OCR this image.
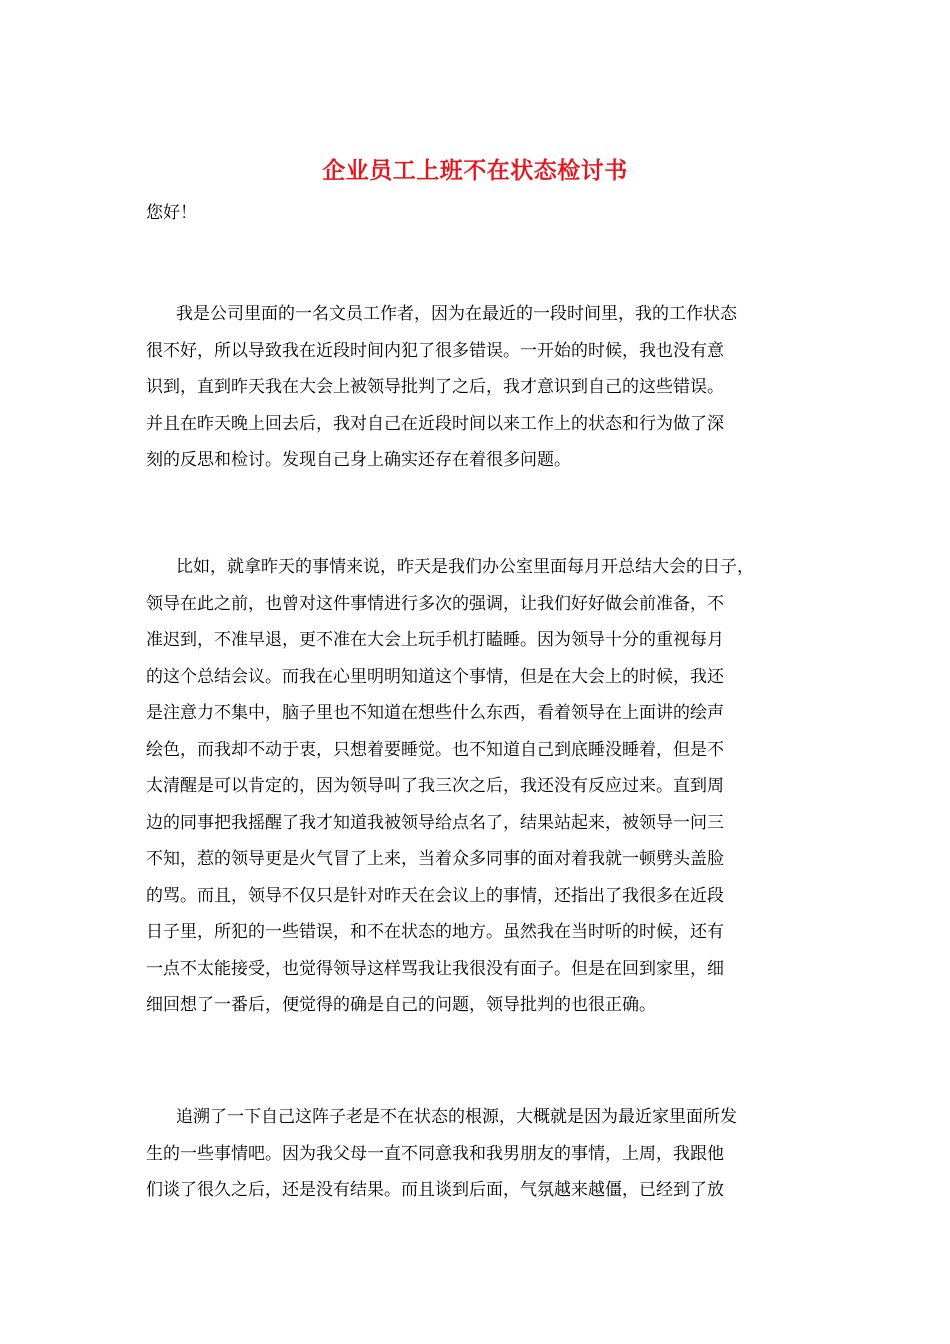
企业员工上班不在状态检讨书
您好！
我是公司里面的一名文员工作者，因为在最近的一段时间里，我的工作状态
很不好，所以导致我在近段时间内犯了很多错误。一开始的时候，我也没有意
识到，直到昨天我在大会上被领导批判了之后，我才意识到自己的这些错误。
并且在昨天晚上回去后，我对自己在近段时间以来工作上的状态和行为做了深
刻的反思和检讨。发现自己身上确实还存在着很多问题。
比如，就拿昨天的事情来说，昨天是我们办公室里面每月开总结大会的日子，
领导在此之前，也曾对这件事情进行多次的强调，让我们好好做会前准备，不
准迟到，不准早退，更不准在大会上玩手机打瞌睡。因为领导十分的重视每月
的这个总结会议。而我在心里明明知道这个事情，但是在大会上的时候，我还
是注意力不集中，脑子里也不知道在想些什么东西，看着领导在上面讲的绘声
绘色，而我却不动于衷，只想着要睡觉。也不知道自己到底睡没睡着，但是不
太清醒是可以肯定的，因为领导叫了我三次之后，我还没有反应过来。直到周
边的同事把我摇醒了我才知道我被领导给点名了，结果站起来，被领导一问三
不知，惹的领导更是火气冒了上来，当着众多同事的面对着我就一顿劈头盖脸
的骂。而且，领导不仅只是针对昨天在会议上的事情，还指出了我很多在近段
日子里，所犯的一些错误，和不在状态的地方。虽然我在当时听的时候，还有
一点不太能接受，也觉得领导这样骂我让我很没有面子。但是在回到家里，细
细回想了一番后，便觉得的确是自己的问题，领导批判的也很正确。
追溯了一下自己这阵子老是不在状态的根源，大概就是因为最近家里面所发
生的一些事情吧。因为我父母一直不同意我和我男朋友的事情，上周，我跟他
们谈了很久之后，还是没有结果。而且谈到后面，气氛越来越僵，已经到了放
